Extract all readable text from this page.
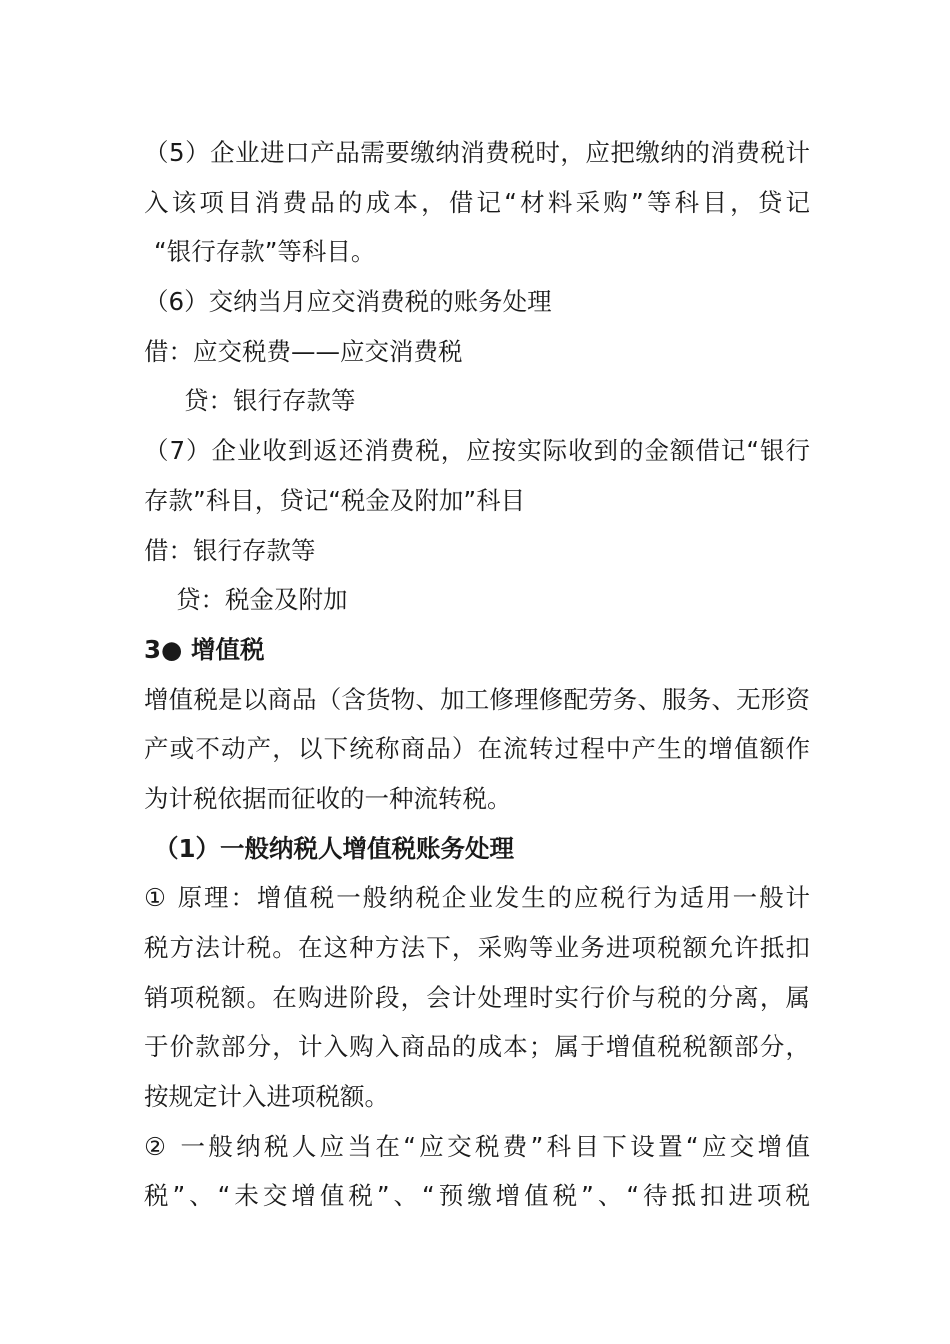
（5）企业进口产品需要缴纳消费税时，应把缴纳的消费税计
入该项目消费品的成本，借记“材料采购”等科目，贷记
“银行存款”等科目。
（6）交纳当月应交消费税的账务处理
借：应交税费——应交消费税
贷：银行存款等
（7）企业收到返还消费税，应按实际收到的金额借记“银行
存款”科目，贷记“税金及附加”科目
借：银行存款等
贷：税金及附加
3● 增值税
增值税是以商品（含货物、加工修理修配劳务、服务、无形资
产或不动产，以下统称商品）在流转过程中产生的增值额作
为计税依据而征收的一种流转税。
（1）一般纳税人增值税账务处理
① 原理：增值税一般纳税企业发生的应税行为适用一般计
税方法计税。在这种方法下，采购等业务进项税额允许抵扣
销项税额。在购进阶段，会计处理时实行价与税的分离，属
于价款部分，计入购入商品的成本；属于增值税税额部分，
按规定计入进项税额。
② 一般纳税人应当在“应交税费”科目下设置“应交增值
税”、“未交增值税”、“预缴增值税”、“待抵扣进项税
